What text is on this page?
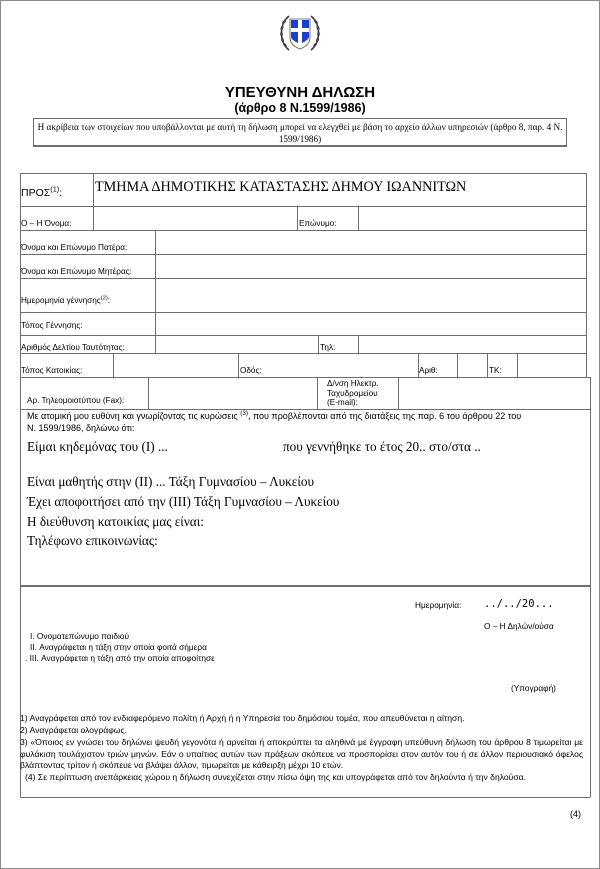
ΥΠΕΥΘΥΝΗ ΔΗΛΩΣΗ
(άρθρο 8 Ν.1599/1986)
Η ακρίβεια των στοιχείων που υποβάλλονται με αυτή τη δήλωση μπορεί να ελεγχθεί με βάση το αρχείο άλλων υπηρεσιών (άρθρο 8, παρ. 4 Ν. 1599/1986)
ΠΡΟΣ$^{(1)}$: ΤΜΗΜΑ ΔΗΜΟΤΙΚΗΣ ΚΑΤΑΣΤΑΣΗΣ ΔΗΜΟΥ ΙΩΑΝΝΙΤΩΝ
Ο – Η Όνομα:	Επώνυμο:
Όνομα και Επώνυμο Πατέρα:
Όνομα και Επώνυμο Μητέρας:
Ημερομηνία γέννησης$^{(2)}$:
Τόπος Γέννησης:
Αριθμός Δελτίου Ταυτότητας:	Τηλ:
Τόπος Κατοικίας:	Οδός:	Αριθ:	ΤΚ:
Αρ. Τηλεομοιοτύπου (Fax):
Δ/νση Ηλεκτρ.
Ταχυδρομείου
(E-mail):
Με ατομική μου ευθύνη και γνωρίζοντας τις κυρώσεις $^{(3)}$, που προβλέπονται από της διατάξεις της παρ. 6 του άρθρου 22 του
Ν. 1599/1986, δηλώνω ότι:
Είμαι κηδεμόνας του (I) ...	που γεννήθηκε το έτος 20.. στο/στα ..
Είναι μαθητής στην (II) ... Τάξη Γυμνασίου – Λυκείου
Έχει αποφοιτήσει από την (III) Τάξη Γυμνασίου – Λυκείου
Η διεύθυνση κατοικίας μας είναι:
Τηλέφωνο επικοινωνίας:
Ημερομηνία: ../../20...
Ο – Η Δηλών/ούσα
I. Ονοματεπώνυμο παιδιού
II. Αναγράφεται η τάξη στην οποία φοιτά σήμερα
. III. Αναγράφεται η τάξη από την οποία αποφοίτησε
(Υπογραφή)
1) Αναγράφεται από τον ενδιαφερόμενο πολίτη ή Αρχή ή η Υπηρεσία του δημόσιου τομέα, που απευθύνεται η αίτηση.
2) Αναγράφεται ολογράφως.
3) «Όποιος εν γνώσει του δηλώνει ψευδή γεγονότα ή αρνείται ή αποκρύπτει τα αληθινά με έγγραφη υπεύθυνη δήλωση του άρθρου 8 τιμωρείται με φυλάκιση τουλάχιστον τριών μηνών. Εάν ο υπαίτιος αυτών των πράξεων σκόπευε να προσπορίσει στον αυτόν του ή σε άλλον περιουσιακό όφελος βλάπτοντας τρίτον ή σκόπευε να βλάψει άλλον, τιμωρείται με κάθειρξη μέχρι 10 ετών.
(4) Σε περίπτωση ανεπάρκειας χώρου η δήλωση συνεχίζεται στην πίσω όψη της και υπογράφεται από τον δηλούντα ή την δηλούσα.
(4)
